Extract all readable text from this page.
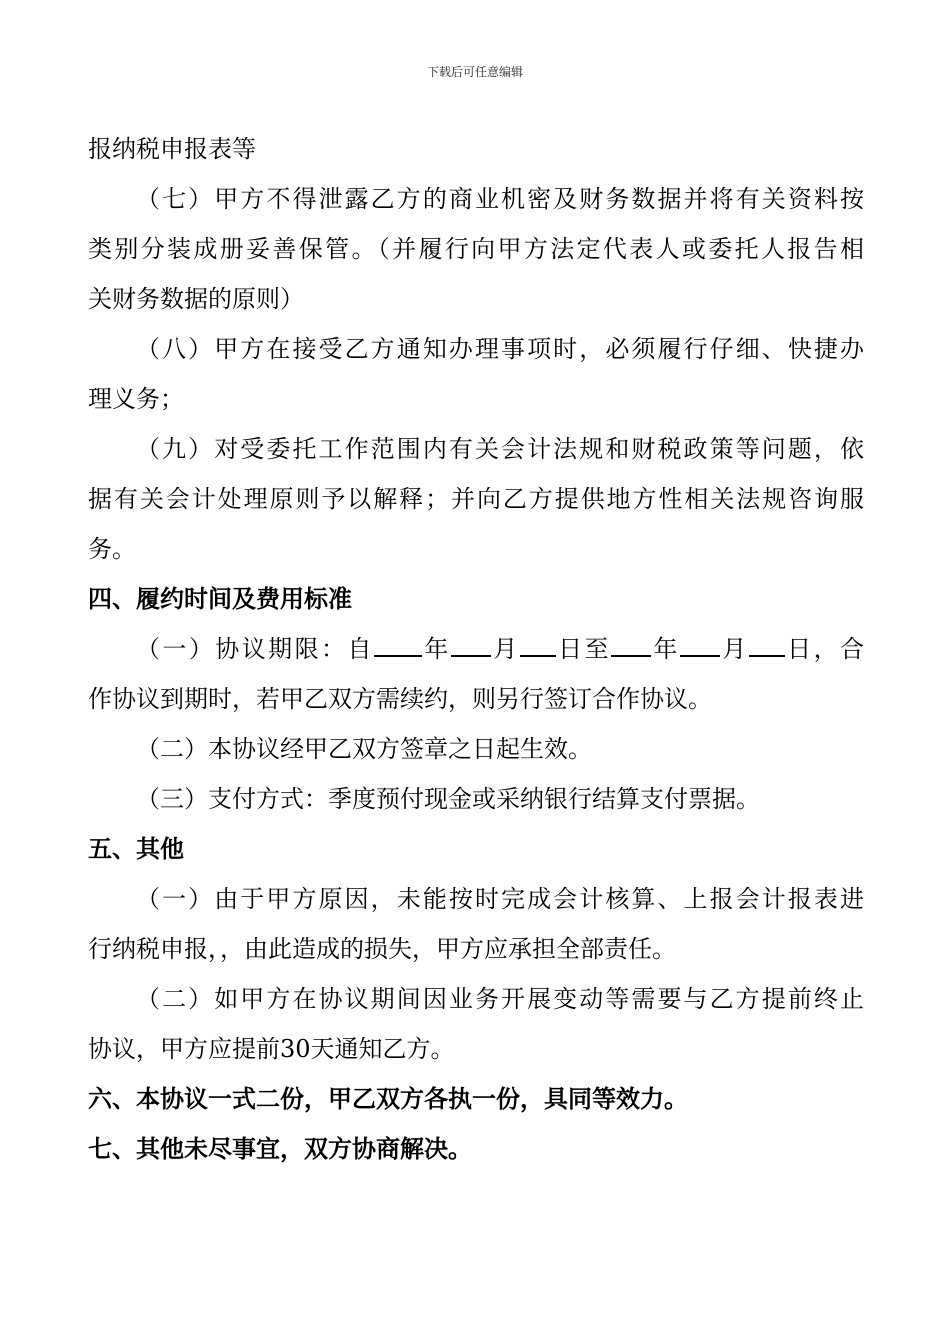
下载后可任意编辑
报纳税申报表等
（七）甲方不得泄露乙方的商业机密及财务数据并将有关资料按
类别分装成册妥善保管。（并履行向甲方法定代表人或委托人报告相
关财务数据的原则）
（八）甲方在接受乙方通知办理事项时，必须履行仔细、快捷办
理义务；
（九）对受委托工作范围内有关会计法规和财税政策等问题，依
据有关会计处理原则予以解释；并向乙方提供地方性相关法规咨询服
务。
四、履约时间及费用标准
（一）协议期限：自 年 月 日至 年 月 日，合
作协议到期时，若甲乙双方需续约，则另行签订合作协议。
（二）本协议经甲乙双方签章之日起生效。
（三）支付方式：季度预付现金或采纳银行结算支付票据。
五、其他
（一）由于甲方原因，未能按时完成会计核算、上报会计报表进
行纳税申报，，由此造成的损失，甲方应承担全部责任。
（二）如甲方在协议期间因业务开展变动等需要与乙方提前终止
协议，甲方应提前30天通知乙方。
六、本协议一式二份，甲乙双方各执一份，具同等效力。
七、其他未尽事宜，双方协商解决。
